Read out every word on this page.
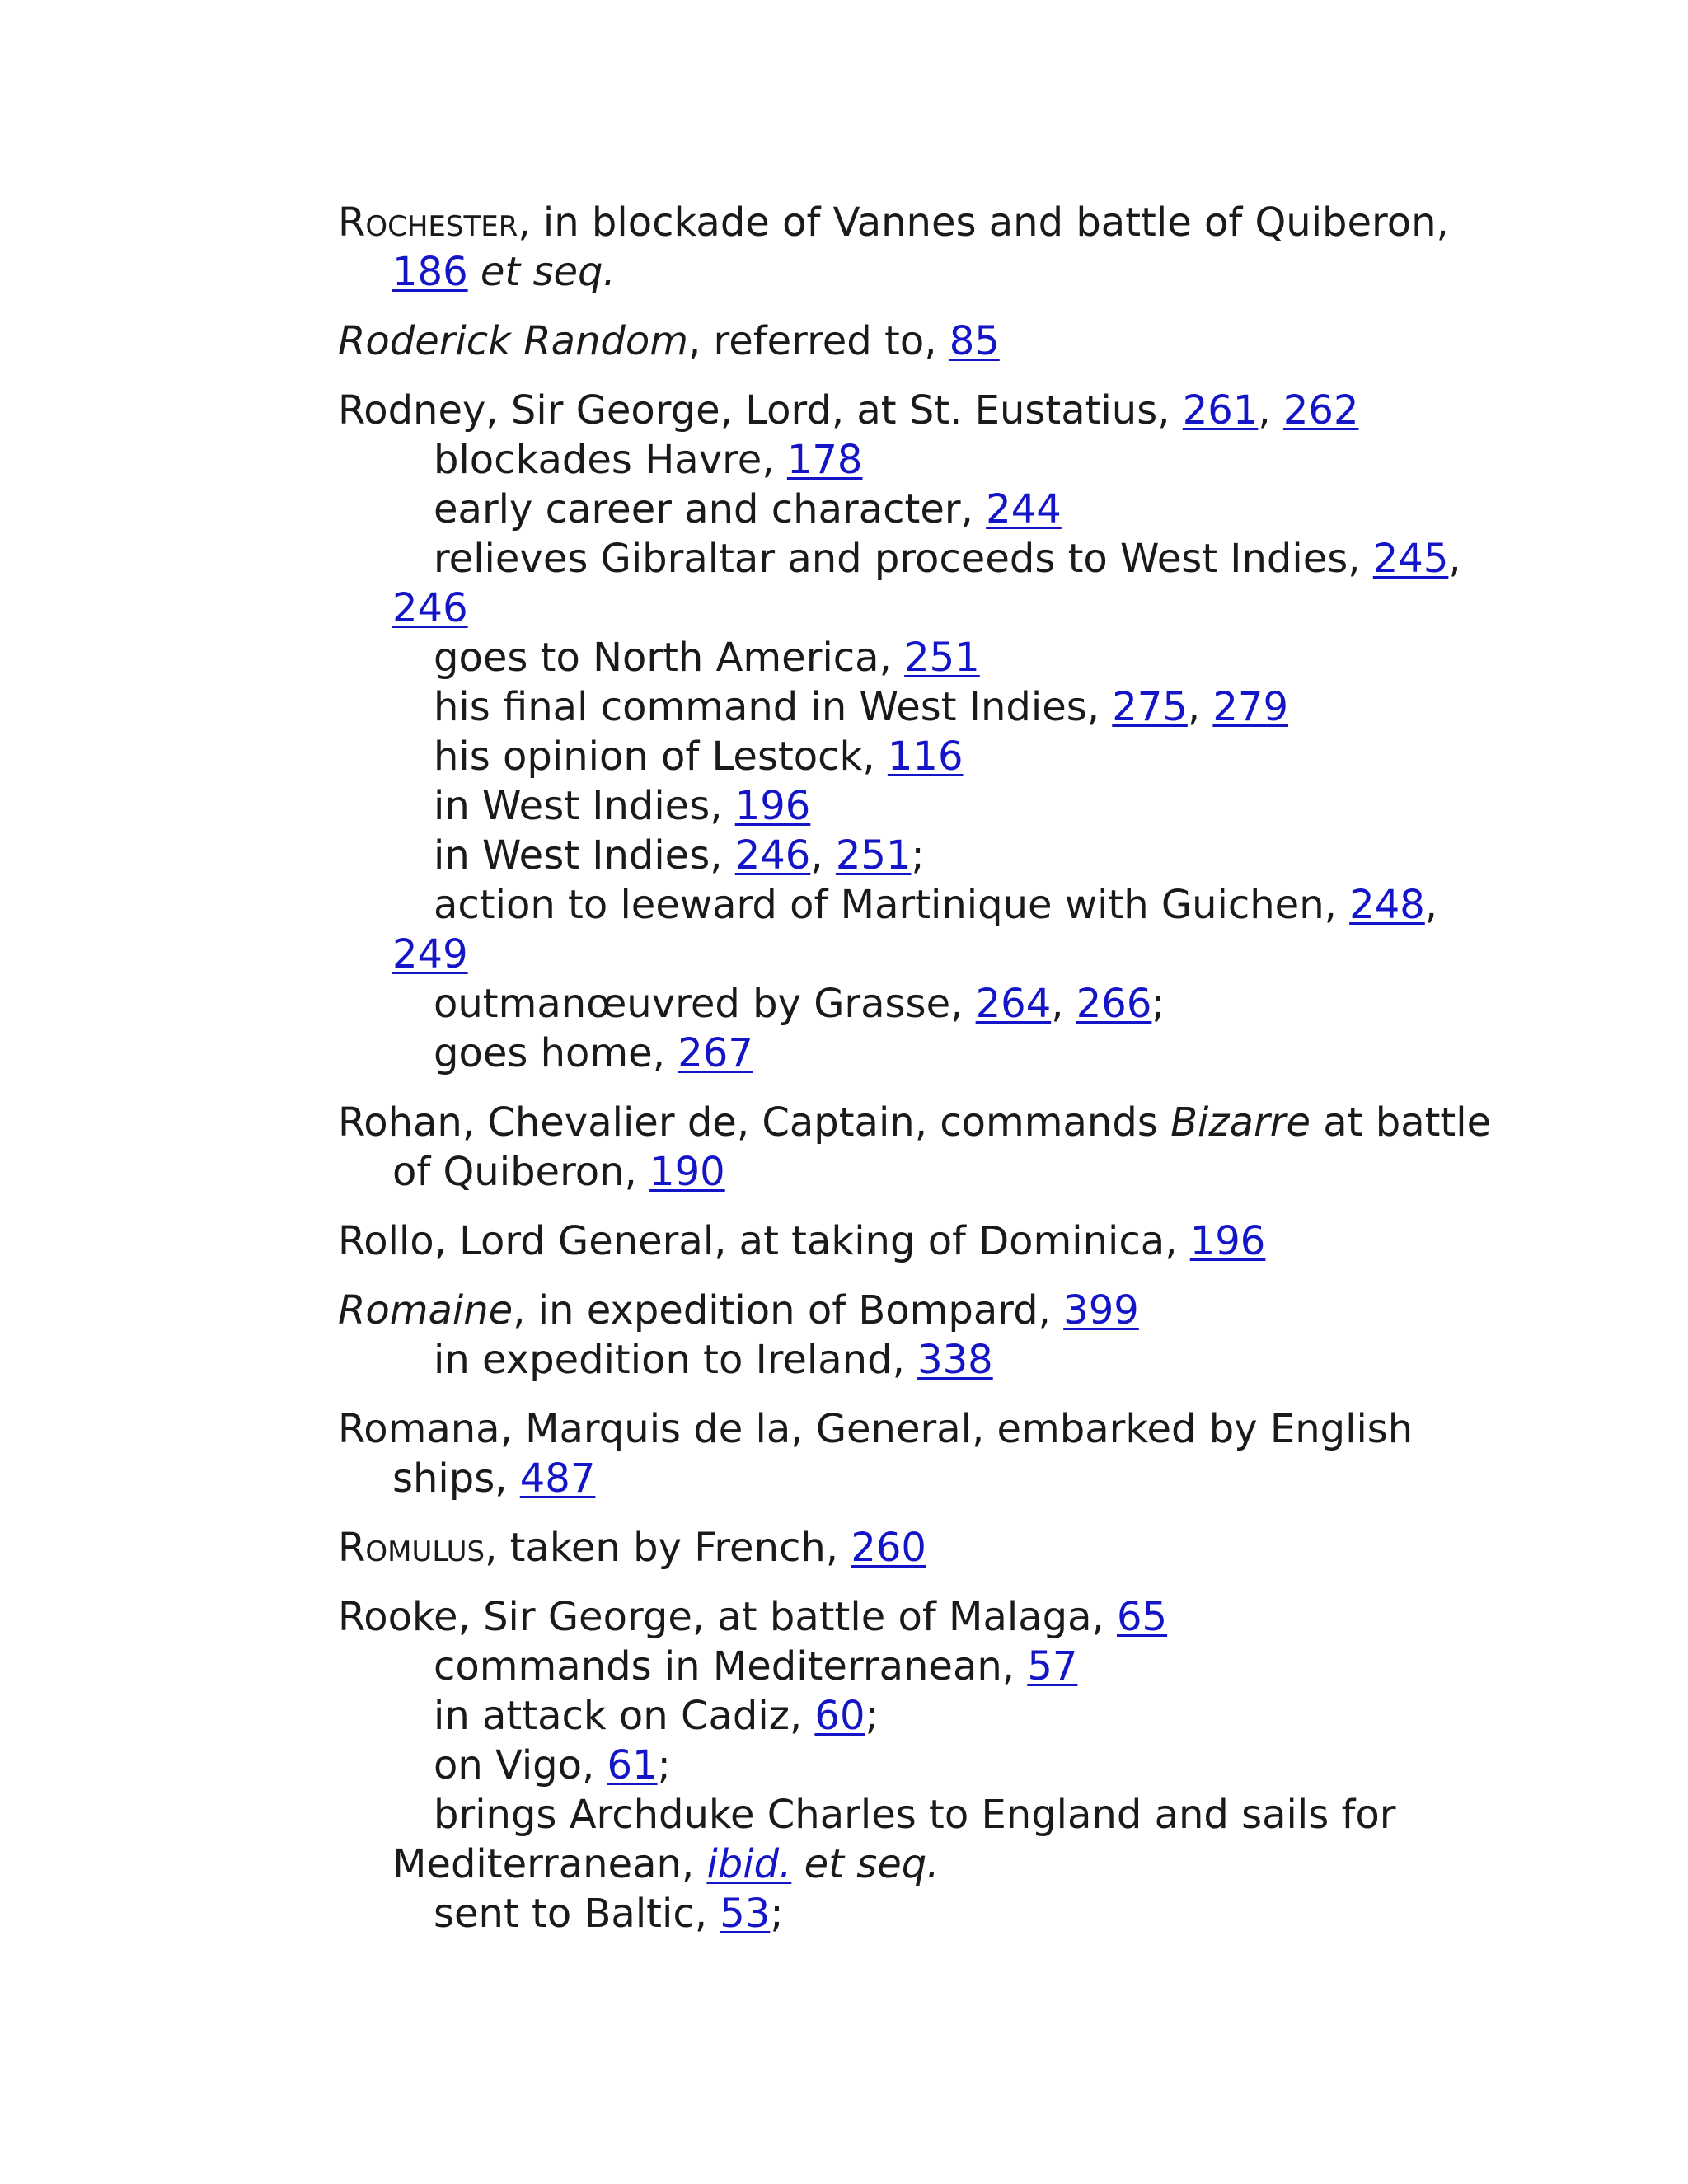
Rochester, in blockade of Vannes and battle of Quiberon,
186 et seq.
Roderick Random, referred to, 85
Rodney, Sir George, Lord, at St. Eustatius, 261, 262
blockades Havre, 178
early career and character, 244
relieves Gibraltar and proceeds to West Indies, 245,
246
goes to North America, 251
his final command in West Indies, 275, 279
his opinion of Lestock, 116
in West Indies, 196
in West Indies, 246, 251;
action to leeward of Martinique with Guichen, 248,
249
outmanœuvred by Grasse, 264, 266;
goes home, 267
Rohan, Chevalier de, Captain, commands Bizarre at battle
of Quiberon, 190
Rollo, Lord General, at taking of Dominica, 196
Romaine, in expedition of Bompard, 399
in expedition to Ireland, 338
Romana, Marquis de la, General, embarked by English
ships, 487
Romulus, taken by French, 260
Rooke, Sir George, at battle of Malaga, 65
commands in Mediterranean, 57
in attack on Cadiz, 60;
on Vigo, 61;
brings Archduke Charles to England and sails for
Mediterranean, ibid. et seq.
sent to Baltic, 53;
